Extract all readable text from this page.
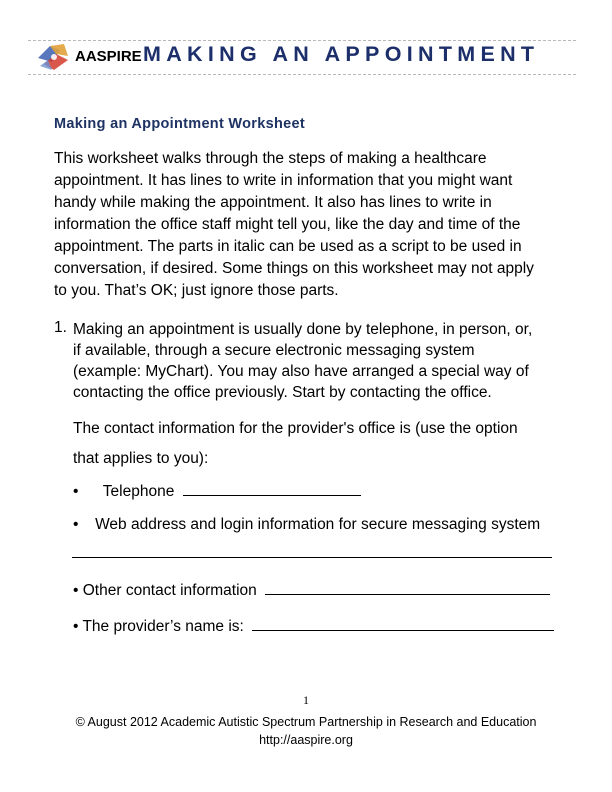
AASPIRE MAKING AN APPOINTMENT
Making an Appointment Worksheet

This worksheet walks through the steps of making a healthcare
appointment. It has lines to write in information that you might want
handy while making the appointment. It also has lines to write in
information the office staff might tell you, like the day and time of the
appointment. The parts in italic can be used as a script to be used in
conversation, if desired. Some things on this worksheet may not apply
to you. That’s OK; just ignore those parts.

1. Making an appointment is usually done by telephone, in person, or,
if available, through a secure electronic messaging system
(example: MyChart). You may also have arranged a special way of
contacting the office previously. Start by contacting the office.
The contact information for the provider's office is (use the option
that applies to you):
• Telephone
• Web address and login information for secure messaging system
• Other contact information
• The provider’s name is:
1
© August 2012 Academic Autistic Spectrum Partnership in Research and Education
http://aaspire.org
